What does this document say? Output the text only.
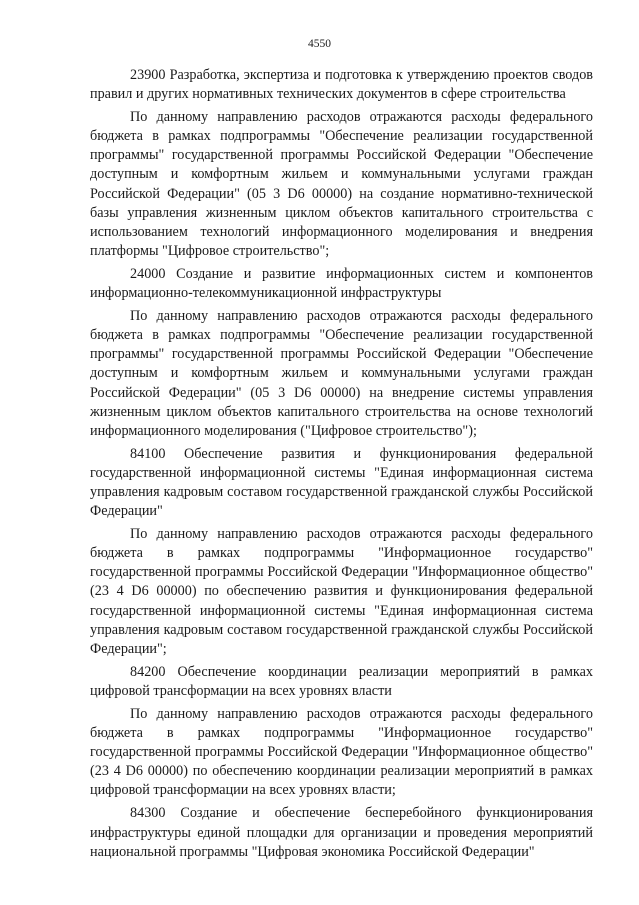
4550

23900 Разработка, экспертиза и подготовка к утверждению проектов сводов правил и других нормативных технических документов в сфере строительства

По данному направлению расходов отражаются расходы федерального бюджета в рамках подпрограммы "Обеспечение реализации государственной программы" государственной программы Российской Федерации "Обеспечение доступным и комфортным жильем и коммунальными услугами граждан Российской Федерации" (05 3 D6 00000) на создание нормативно-технической базы управления жизненным циклом объектов капитального строительства с использованием технологий информационного моделирования и внедрения платформы "Цифровое строительство";

24000 Создание и развитие информационных систем и компонентов информационно-телекоммуникационной инфраструктуры

По данному направлению расходов отражаются расходы федерального бюджета в рамках подпрограммы "Обеспечение реализации государственной программы" государственной программы Российской Федерации "Обеспечение доступным и комфортным жильем и коммунальными услугами граждан Российской Федерации" (05 3 D6 00000) на внедрение системы управления жизненным циклом объектов капитального строительства на основе технологий информационного моделирования ("Цифровое строительство");

84100 Обеспечение развития и функционирования федеральной государственной информационной системы "Единая информационная система управления кадровым составом государственной гражданской службы Российской Федерации"

По данному направлению расходов отражаются расходы федерального бюджета в рамках подпрограммы "Информационное государство" государственной программы Российской Федерации "Информационное общество" (23 4 D6 00000) по обеспечению развития и функционирования федеральной государственной информационной системы "Единая информационная система управления кадровым составом государственной гражданской службы Российской Федерации";

84200 Обеспечение координации реализации мероприятий в рамках цифровой трансформации на всех уровнях власти

По данному направлению расходов отражаются расходы федерального бюджета в рамках подпрограммы "Информационное государство" государственной программы Российской Федерации "Информационное общество" (23 4 D6 00000) по обеспечению координации реализации мероприятий в рамках цифровой трансформации на всех уровнях власти;

84300 Создание и обеспечение бесперебойного функционирования инфраструктуры единой площадки для организации и проведения мероприятий национальной программы "Цифровая экономика Российской Федерации"
